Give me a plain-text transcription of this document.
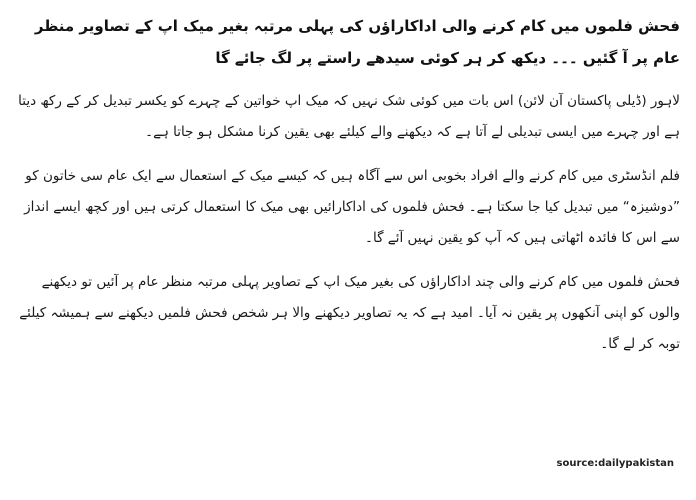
فحش فلموں میں کام کرنے والی اداکاراؤں کی پہلی مرتبہ بغیر میک اپ کے تصاویر منظر عام پر آ گئیں ۔۔۔ دیکھ کر ہر کوئی سیدھے راستے پر لگ جائے گا

لاہور (ڈیلی پاکستان آن لائن) اس بات میں کوئی شک نہیں کہ میک اپ خواتین کے چہرے کو یکسر تبدیل کر کے رکھ دیتا ہے اور چہرے میں ایسی تبدیلی لے آتا ہے کہ دیکھنے والے کیلئے بھی یقین کرنا مشکل ہو جاتا ہے۔

فلم انڈسٹری میں کام کرنے والے افراد بخوبی اس سے آگاہ ہیں کہ کیسے میک کے استعمال سے ایک عام سی خاتون کو ”دوشیزہ“ میں تبدیل کیا جا سکتا ہے۔ فحش فلموں کی اداکارائیں بھی میک کا استعمال کرتی ہیں اور کچھ ایسے انداز سے اس کا فائدہ اٹھاتی ہیں کہ آپ کو یقین نہیں آئے گا۔

فحش فلموں میں کام کرنے والی چند اداکاراؤں کی بغیر میک اپ کے تصاویر پہلی مرتبہ منظر عام پر آئیں تو دیکھنے والوں کو اپنی آنکھوں پر یقین نہ آیا۔ امید ہے کہ یہ تصاویر دیکھنے والا ہر شخص فحش فلمیں دیکھنے سے ہمیشہ کیلئے توبہ کر لے گا۔

source:dailypakistan
